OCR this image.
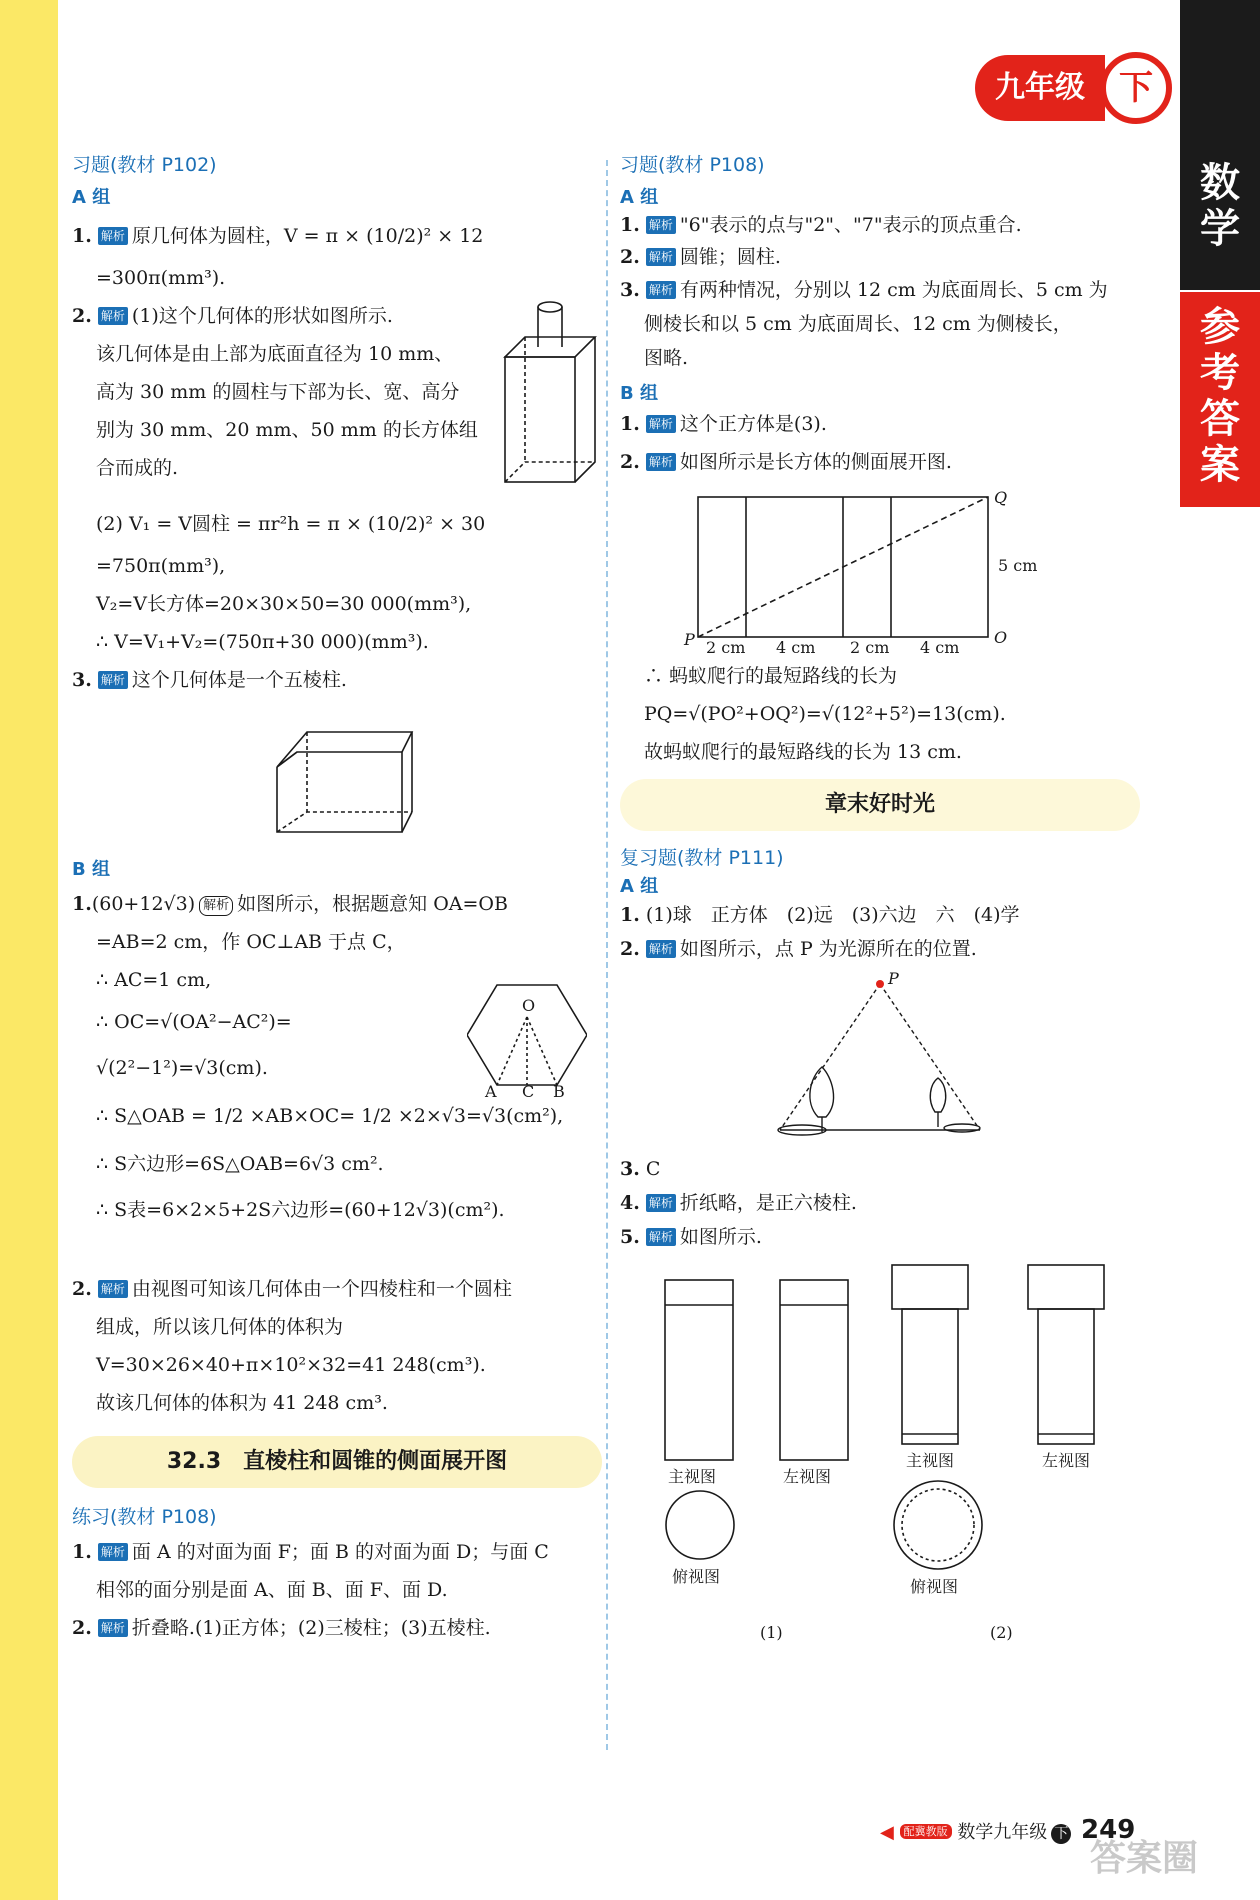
数
学
参
考
答
案
九年级	下

习题(教材 P102)

A 组

1. 解析 原几何体为圆柱，V = π × (10/2)² × 12

=300π(mm³).

2. 解析 (1)这个几何体的形状如图所示.

该几何体是由上部为底面直径为 10 mm、

高为 30 mm 的圆柱与下部为长、宽、高分

别为 30 mm、20 mm、50 mm 的长方体组

合而成的.

(2) V₁ = V圆柱 = πr²h = π × (10/2)² × 30

=750π(mm³),

V₂=V长方体=20×30×50=30 000(mm³),

∴ V=V₁+V₂=(750π+30 000)(mm³).

3. 解析 这个几何体是一个五棱柱.

B 组

1.(60+12√3) 解析 如图所示，根据题意知 OA=OB

=AB=2 cm，作 OC⊥AB 于点 C，

∴ AC=1 cm,

∴ OC=√(OA²−AC²)=

√(2²−1²)=√3(cm).

∴ S△OAB = 1/2 ×AB×OC= 1/2 ×2×√3=√3(cm²),

∴ S六边形=6S△OAB=6√3 cm².

∴ S表=6×2×5+2S六边形=(60+12√3)(cm²).

O
A C B

2. 解析 由视图可知该几何体由一个四棱柱和一个圆柱

组成，所以该几何体的体积为

V=30×26×40+π×10²×32=41 248(cm³).

故该几何体的体积为 41 248 cm³.

32.3　直棱柱和圆锥的侧面展开图

练习(教材 P108)

1. 解析 面 A 的对面为面 F；面 B 的对面为面 D；与面 C

相邻的面分别是面 A、面 B、面 F、面 D.

2. 解析 折叠略.(1)正方体；(2)三棱柱；(3)五棱柱.

习题(教材 P108)

A 组

1. 解析 "6"表示的点与"2"、"7"表示的顶点重合.

2. 解析 圆锥；圆柱.

3. 解析 有两种情况，分别以 12 cm 为底面周长、5 cm 为

侧棱长和以 5 cm 为底面周长、12 cm 为侧棱长，

图略.

B 组

1. 解析 这个正方体是(3).

2. 解析 如图所示是长方体的侧面展开图.

Q
5 cm
O
P 2 cm 4 cm 2 cm 4 cm

∴ 蚂蚁爬行的最短路线的长为

PQ=√(PO²+OQ²)=√(12²+5²)=13(cm).

故蚂蚁爬行的最短路线的长为 13 cm.

章末好时光

复习题(教材 P111)

A 组

1. (1)球　正方体　(2)远　(3)六边　六　(4)学

2. 解析 如图所示，点 P 为光源所在的位置.

P

3. C

4. 解析 折纸略，是正六棱柱.

5. 解析 如图所示.

主视图	左视图
主视图	左视图
俯视图
俯视图
(1)	(2)
◀ 配冀教版 数学九年级 下 249
答案圈
